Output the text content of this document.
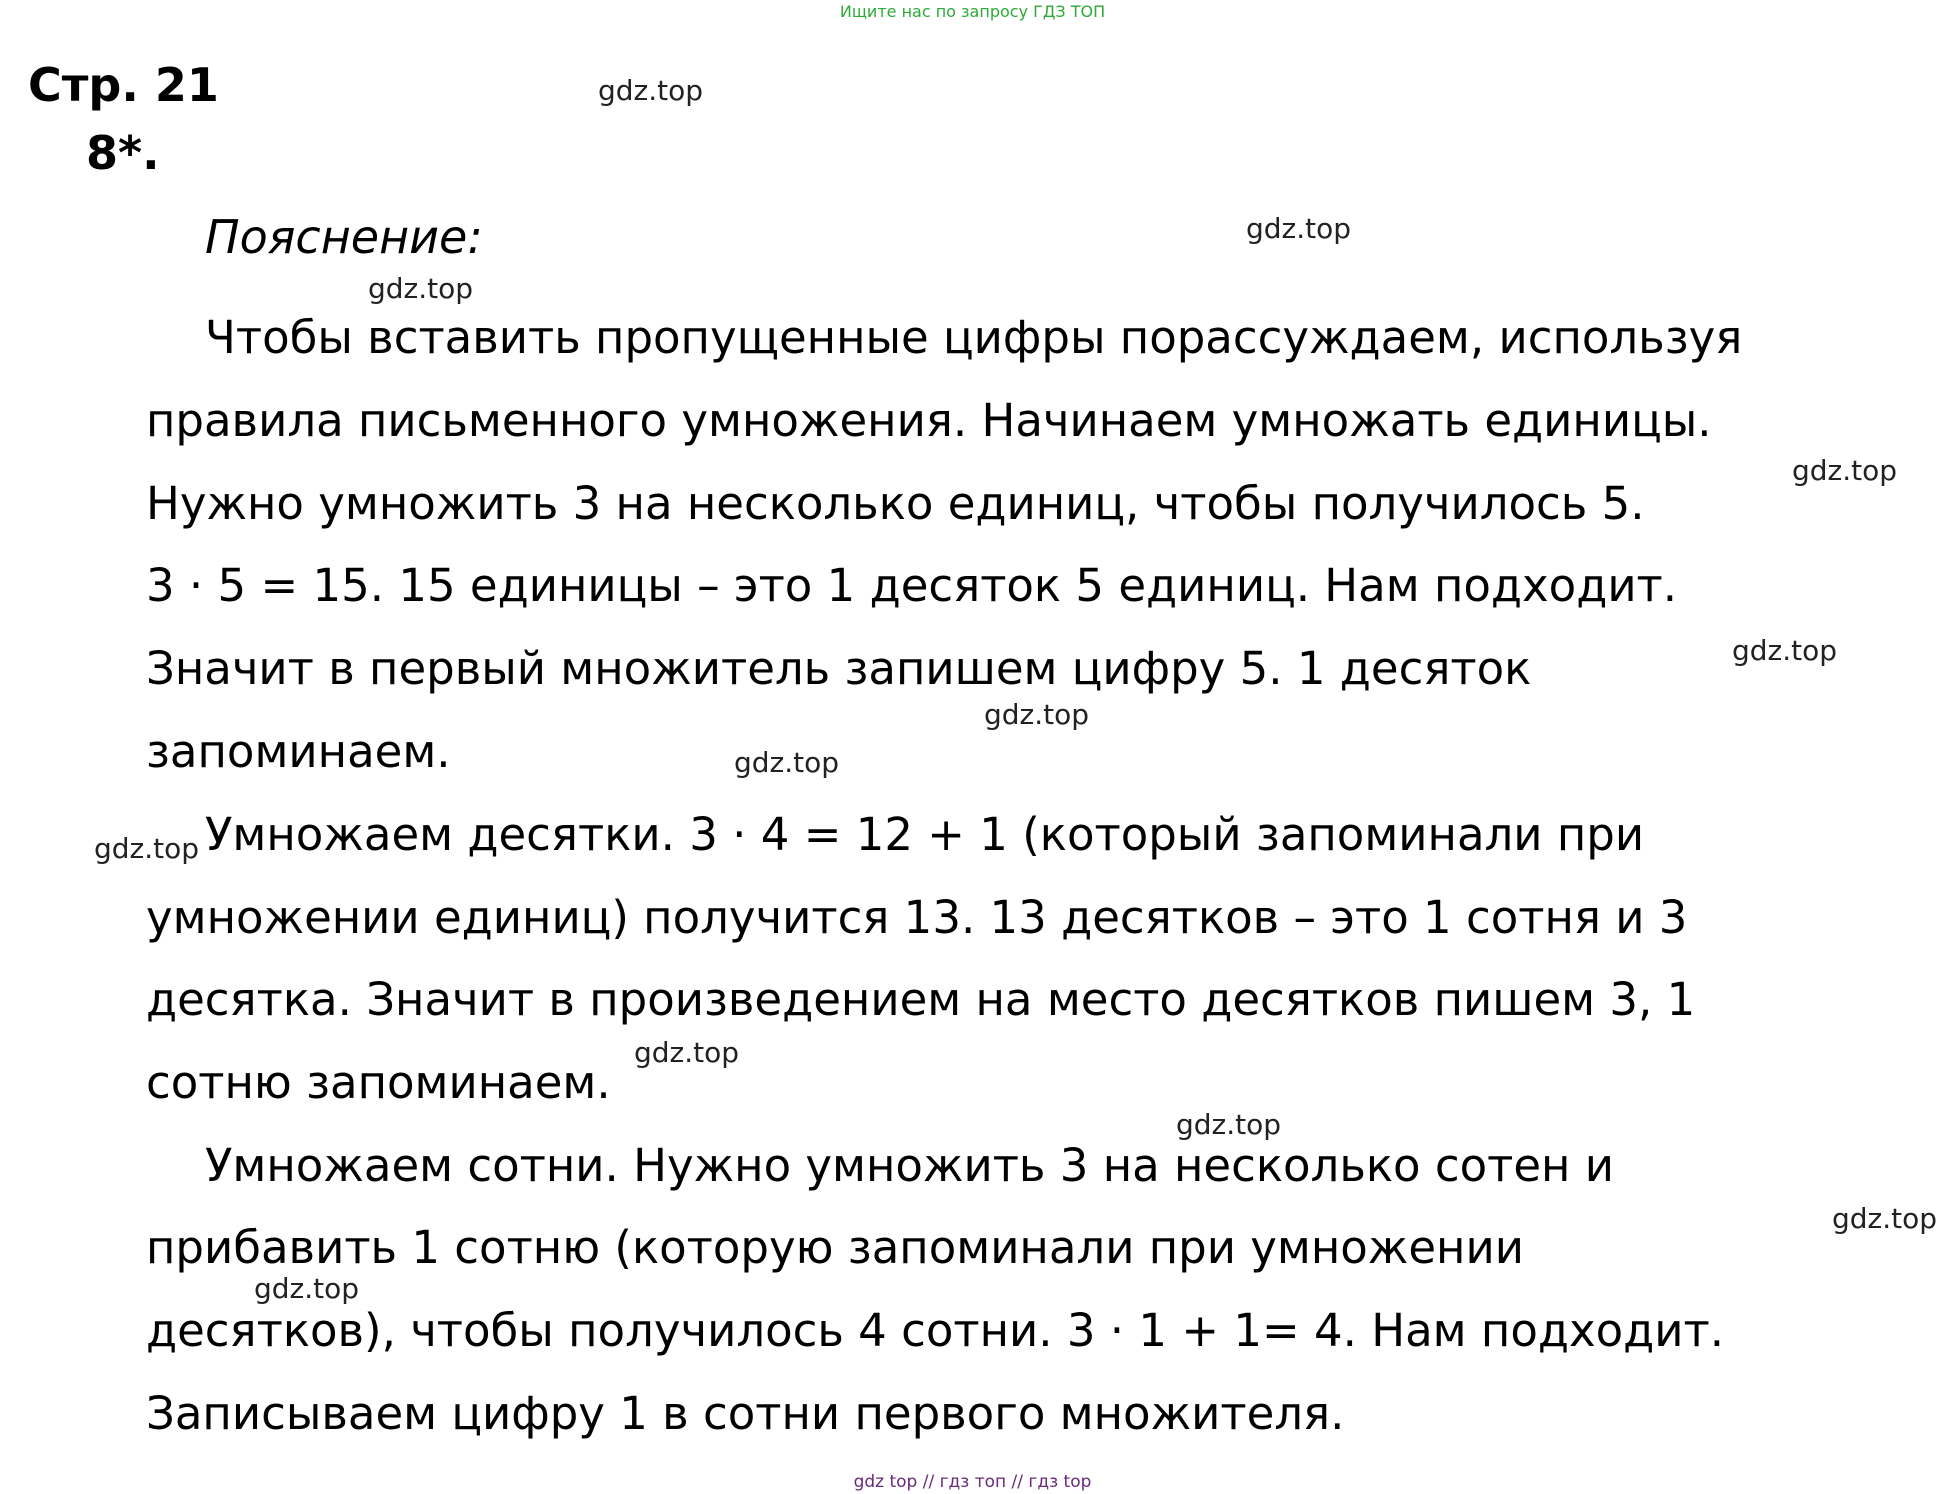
Ищите нас по запросу ГДЗ ТОП
Стр. 21
8*.
Пояснение:
Чтобы вставить пропущенные цифры порассуждаем, используя
правила письменного умножения. Начинаем умножать единицы.
Нужно умножить 3 на несколько единиц, чтобы получилось 5.
3 · 5 = 15. 15 единицы – это 1 десяток 5 единиц. Нам подходит.
Значит в первый множитель запишем цифру 5. 1 десяток
запоминаем.
Умножаем десятки. 3 · 4 = 12 + 1 (который запоминали при
умножении единиц) получится 13. 13 десятков – это 1 сотня и 3
десятка. Значит в произведением на место десятков пишем 3, 1
сотню запоминаем.
Умножаем сотни. Нужно умножить 3 на несколько сотен и
прибавить 1 сотню (которую запоминали при умножении
десятков), чтобы получилось 4 сотни. 3 · 1 + 1= 4. Нам подходит.
Записываем цифру 1 в сотни первого множителя.
gdz.top
gdz.top
gdz.top
gdz.top
gdz.top
gdz.top
gdz.top
gdz.top
gdz.top
gdz.top
gdz.top
gdz.top
gdz top // гдз топ // гдз top
